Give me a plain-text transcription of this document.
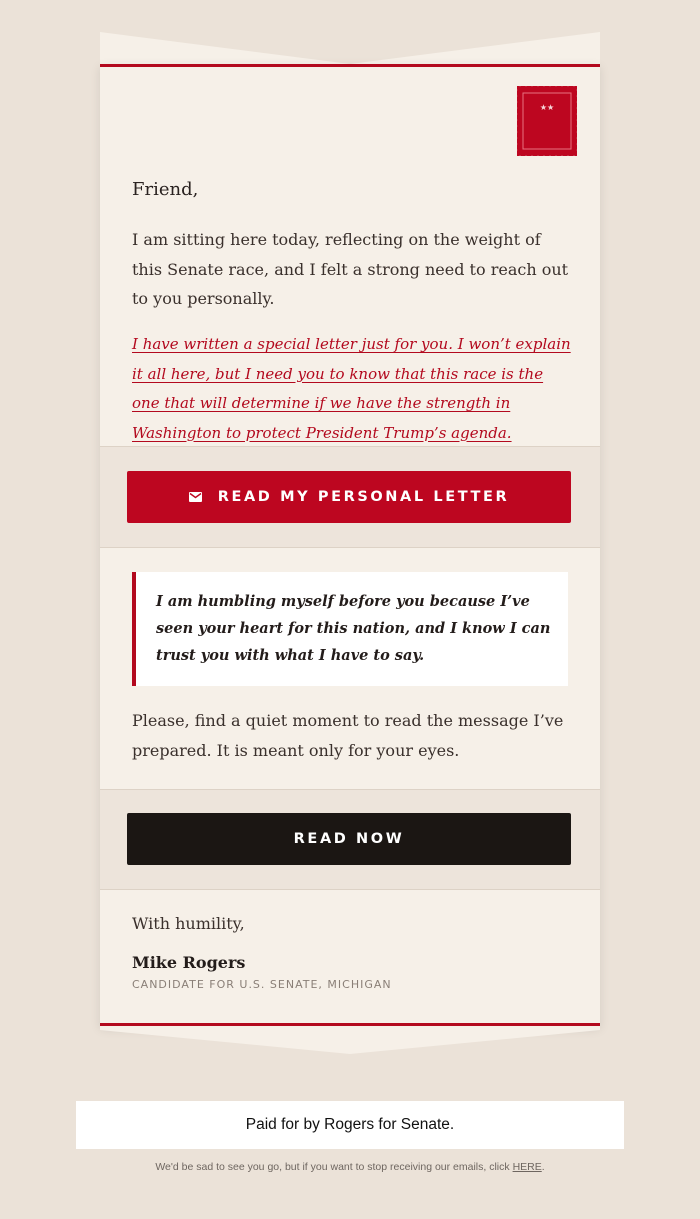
★★

Friend,

I am sitting here today, reflecting on the weight of this Senate race, and I felt a strong need to reach out to you personally.

I have written a special letter just for you. I won’t explain it all here, but I need you to know that this race is the one that will determine if we have the strength in Washington to protect President Trump’s agenda.

READ MY PERSONAL LETTER

I am humbling myself before you because I’ve seen your heart for this nation, and I know I can trust you with what I have to say.

Please, find a quiet moment to read the message I’ve prepared. It is meant only for your eyes.

READ NOW

With humility,

Mike Rogers

CANDIDATE FOR U.S. SENATE, MICHIGAN

Paid for by Rogers for Senate.
We'd be sad to see you go, but if you want to stop receiving our emails, click HERE.
